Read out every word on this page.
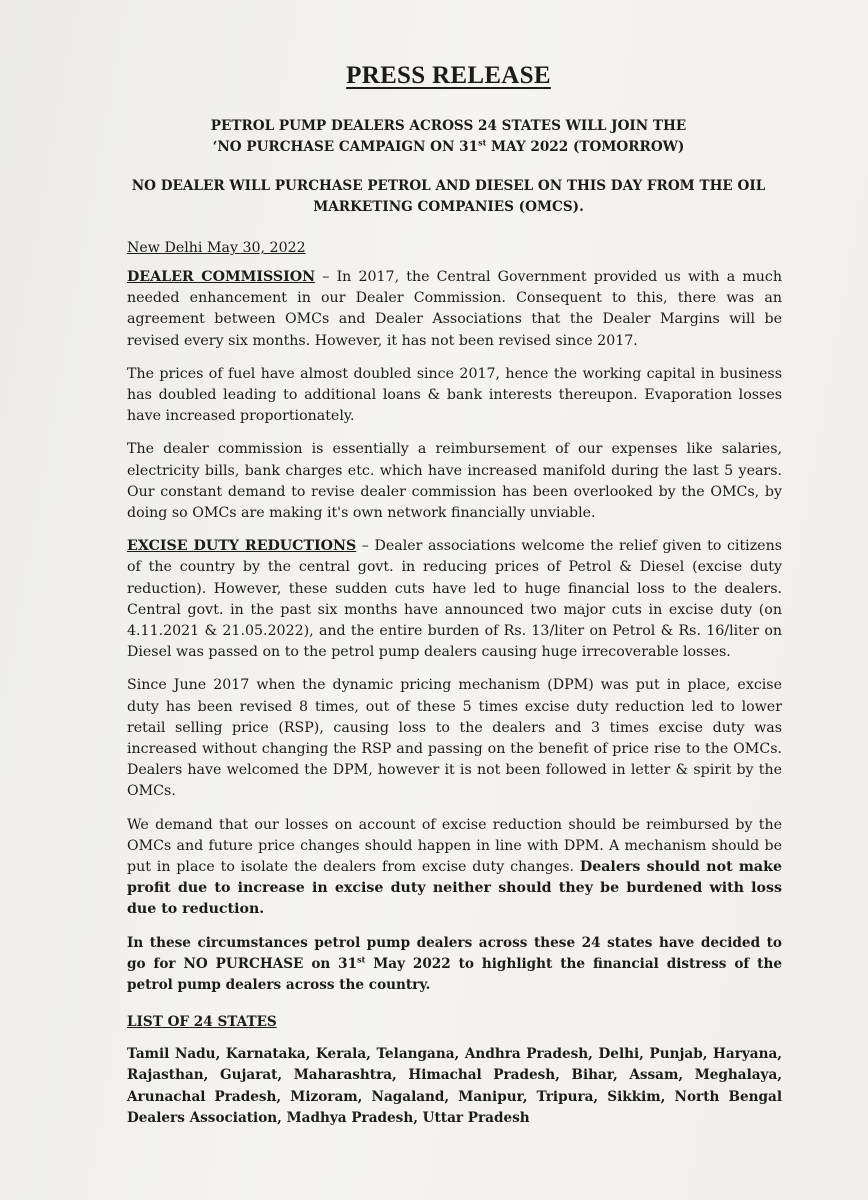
PRESS RELEASE
PETROL PUMP DEALERS ACROSS 24 STATES WILL JOIN THE
‘NO PURCHASE CAMPAIGN ON 31st MAY 2022 (TOMORROW)
NO DEALER WILL PURCHASE PETROL AND DIESEL ON THIS DAY FROM THE OIL MARKETING COMPANIES (OMCS).
New Delhi May 30, 2022
DEALER COMMISSION – In 2017, the Central Government provided us with a much needed enhancement in our Dealer Commission. Consequent to this, there was an agreement between OMCs and Dealer Associations that the Dealer Margins will be revised every six months. However, it has not been revised since 2017.
The prices of fuel have almost doubled since 2017, hence the working capital in business has doubled leading to additional loans & bank interests thereupon. Evaporation losses have increased proportionately.
The dealer commission is essentially a reimbursement of our expenses like salaries, electricity bills, bank charges etc. which have increased manifold during the last 5 years. Our constant demand to revise dealer commission has been overlooked by the OMCs, by doing so OMCs are making it's own network financially unviable.
EXCISE DUTY REDUCTIONS – Dealer associations welcome the relief given to citizens of the country by the central govt. in reducing prices of Petrol & Diesel (excise duty reduction). However, these sudden cuts have led to huge financial loss to the dealers. Central govt. in the past six months have announced two major cuts in excise duty (on 4.11.2021 & 21.05.2022), and the entire burden of Rs. 13/liter on Petrol & Rs. 16/liter on Diesel was passed on to the petrol pump dealers causing huge irrecoverable losses.
Since June 2017 when the dynamic pricing mechanism (DPM) was put in place, excise duty has been revised 8 times, out of these 5 times excise duty reduction led to lower retail selling price (RSP), causing loss to the dealers and 3 times excise duty was increased without changing the RSP and passing on the benefit of price rise to the OMCs. Dealers have welcomed the DPM, however it is not been followed in letter & spirit by the OMCs.
We demand that our losses on account of excise reduction should be reimbursed by the OMCs and future price changes should happen in line with DPM. A mechanism should be put in place to isolate the dealers from excise duty changes. Dealers should not make profit due to increase in excise duty neither should they be burdened with loss due to reduction.
In these circumstances petrol pump dealers across these 24 states have decided to go for NO PURCHASE on 31st May 2022 to highlight the financial distress of the petrol pump dealers across the country.
LIST OF 24 STATES
Tamil Nadu, Karnataka, Kerala, Telangana, Andhra Pradesh, Delhi, Punjab, Haryana, Rajasthan, Gujarat, Maharashtra, Himachal Pradesh, Bihar, Assam, Meghalaya, Arunachal Pradesh, Mizoram, Nagaland, Manipur, Tripura, Sikkim, North Bengal Dealers Association, Madhya Pradesh, Uttar Pradesh
